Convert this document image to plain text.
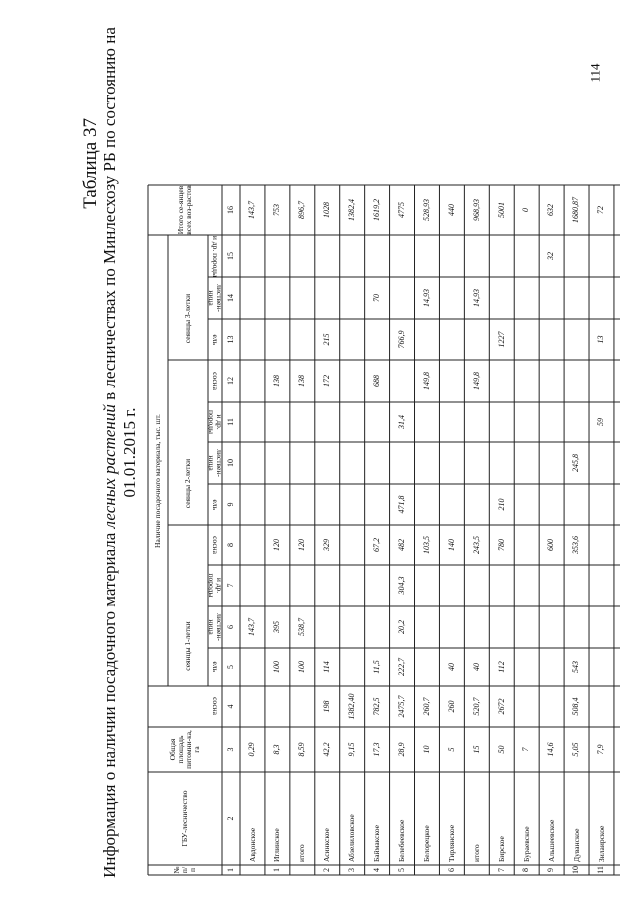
114
Таблица 37
Информация о наличии посадочного материала лесных растений в лесничествах по Минлесхозу РБ по состоянию на
01.01.2015 г.
№ п/п
ГБУ-лесничество
Общая площадь питомни-ка, га
Наличие посадочного материала, тыс. шт.
сеянцы 1-летки
сеянцы 2-летки
сеянцы 3-летки
Итого се-янцев всех воз-растов
сосна
ель
листвен-ница
и др. породы
сосна
ель
листвен-ница
и др. породы
сосна
ель
листвен-ница
и др. породы
1
2
3
4
5
6
7
8
9
10
11
12
13
14
15
16
Авдонское
0,29
143,7
143,7
1
Иглинское
8,3
100
395
120
138
753
итого
8,59
100
538,7
120
138
896,7
2
Асинкское
42,2
198
114
329
172
215
1028
3
Абзелиловское
9,15
1382,40
1382,4
4
Баймакское
17,3
782,5
11,5
67,2
688
70
1619,2
5
Белебеевское
28,9
2475,7
222,7
20,2
304,3
482
471,8
31,4
766,9
4775
Белорецкое
10
260,7
103,5
149,8
14,93
528,93
6
Тирлянское
5
260
40
140
440
итого
15
520,7
40
243,5
149,8
14,93
968,93
7
Бирское
50
2672
112
780
210
1227
5001
8
Бураевское
7
0
9
Альшеевское
14,6
600
32
632
10
Дуванское
5,05
508,4
543
353,6
245,8
1680,87
11
Зилаирское
7,9
59
13
72
